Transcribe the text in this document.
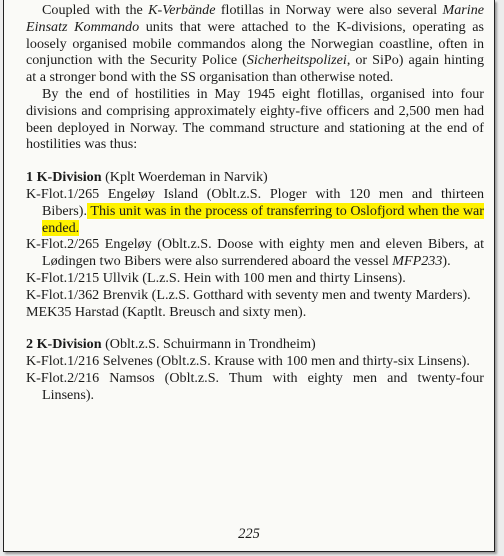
Coupled with the K-Verbände flotillas in Norway were also several Marine Einsatz Kommando units that were attached to the K-divisions, operating as loosely organised mobile commandos along the Norwegian coastline, often in conjunction with the Security Police (Sicherheitspolizei, or SiPo) again hinting at a stronger bond with the SS organisation than otherwise noted.

By the end of hostilities in May 1945 eight flotillas, organised into four divisions and comprising approximately eighty-five officers and 2,500 men had been deployed in Norway. The command structure and stationing at the end of hostilities was thus:

1 K-Division (Kplt Woerdeman in Narvik)
K-Flot.1/265 Engeløy Island (Oblt.z.S. Ploger with 120 men and thirteen Bibers). This unit was in the process of transferring to Oslofjord when the war ended.
K-Flot.2/265 Engeløy (Oblt.z.S. Doose with eighty men and eleven Bibers, at Lødingen two Bibers were also surrendered aboard the vessel MFP233).
K-Flot.1/215 Ullvik (L.z.S. Hein with 100 men and thirty Linsens).
K-Flot.1/362 Brenvik (L.z.S. Gotthard with seventy men and twenty Marders).
MEK35 Harstad (Kaptlt. Breusch and sixty men).
2 K-Division (Oblt.z.S. Schuirmann in Trondheim)
K-Flot.1/216 Selvenes (Oblt.z.S. Krause with 100 men and thirty-six Linsens).
K-Flot.2/216 Namsos (Oblt.z.S. Thum with eighty men and twenty-four Linsens).
225
